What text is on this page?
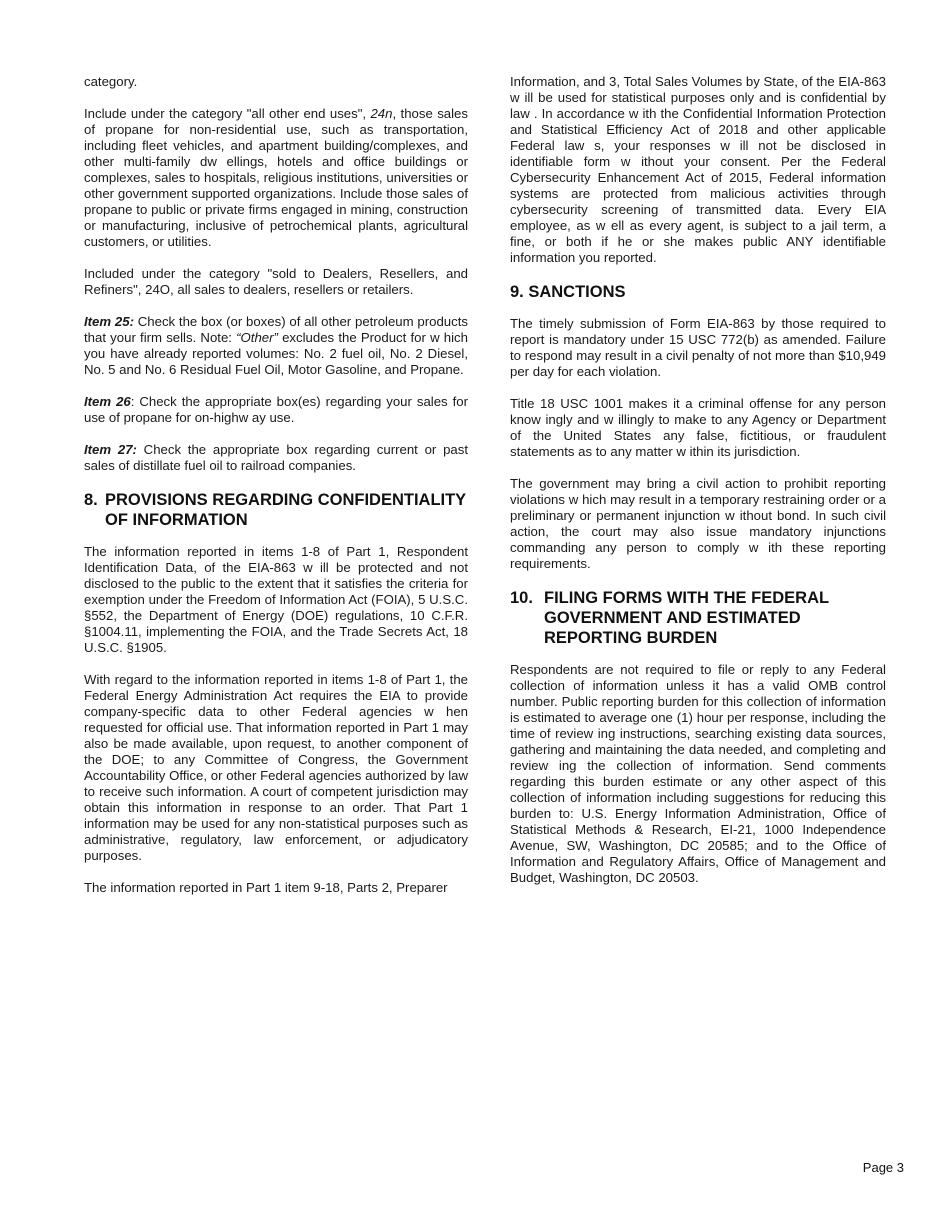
category.

Include under the category "all other end uses", 24n, those sales of propane for non-residential use, such as transportation, including fleet vehicles, and apartment building/complexes, and other multi-family dw ellings, hotels and office buildings or complexes, sales to hospitals, religious institutions, universities or other government supported organizations. Include those sales of propane to public or private firms engaged in mining, construction or manufacturing, inclusive of petrochemical plants, agricultural customers, or utilities.

Included under the category "sold to Dealers, Resellers, and Refiners", 24O, all sales to dealers, resellers or retailers.

Item 25: Check the box (or boxes) of all other petroleum products that your firm sells. Note: “Other” excludes the Product for w hich you have already reported volumes: No. 2 fuel oil, No. 2 Diesel, No. 5 and No. 6 Residual Fuel Oil, Motor Gasoline, and Propane.

Item 26: Check the appropriate box(es) regarding your sales for use of propane for on-highw ay use.

Item 27: Check the appropriate box regarding current or past sales of distillate fuel oil to railroad companies.

8. PROVISIONS REGARDING CONFIDENTIALITY OF INFORMATION

The information reported in items 1-8 of Part 1, Respondent Identification Data, of the EIA-863 w ill be protected and not disclosed to the public to the extent that it satisfies the criteria for exemption under the Freedom of Information Act (FOIA), 5 U.S.C. §552, the Department of Energy (DOE) regulations, 10 C.F.R. §1004.11, implementing the FOIA, and the Trade Secrets Act, 18 U.S.C. §1905.

With regard to the information reported in items 1-8 of Part 1, the Federal Energy Administration Act requires the EIA to provide company-specific data to other Federal agencies w hen requested for official use. That information reported in Part 1 may also be made available, upon request, to another component of the DOE; to any Committee of Congress, the Government Accountability Office, or other Federal agencies authorized by law to receive such information. A court of competent jurisdiction may obtain this information in response to an order. That Part 1 information may be used for any non-statistical purposes such as administrative, regulatory, law enforcement, or adjudicatory purposes.

The information reported in Part 1 item 9-18, Parts 2, Preparer

Information, and 3, Total Sales Volumes by State, of the EIA-863 w ill be used for statistical purposes only and is confidential by law . In accordance w ith the Confidential Information Protection and Statistical Efficiency Act of 2018 and other applicable Federal law s, your responses w ill not be disclosed in identifiable form w ithout your consent. Per the Federal Cybersecurity Enhancement Act of 2015, Federal information systems are protected from malicious activities through cybersecurity screening of transmitted data. Every EIA employee, as w ell as every agent, is subject to a jail term, a fine, or both if he or she makes public ANY identifiable information you reported.

9. SANCTIONS

The timely submission of Form EIA-863 by those required to report is mandatory under 15 USC 772(b) as amended. Failure to respond may result in a civil penalty of not more than $10,949 per day for each violation.

Title 18 USC 1001 makes it a criminal offense for any person know ingly and w illingly to make to any Agency or Department of the United States any false, fictitious, or fraudulent statements as to any matter w ithin its jurisdiction.

The government may bring a civil action to prohibit reporting violations w hich may result in a temporary restraining order or a preliminary or permanent injunction w ithout bond. In such civil action, the court may also issue mandatory injunctions commanding any person to comply w ith these reporting requirements.

10. FILING FORMS WITH THE FEDERAL GOVERNMENT AND ESTIMATED REPORTING BURDEN

Respondents are not required to file or reply to any Federal collection of information unless it has a valid OMB control number. Public reporting burden for this collection of information is estimated to average one (1) hour per response, including the time of review ing instructions, searching existing data sources, gathering and maintaining the data needed, and completing and review ing the collection of information. Send comments regarding this burden estimate or any other aspect of this collection of information including suggestions for reducing this burden to: U.S. Energy Information Administration, Office of Statistical Methods & Research, EI-21, 1000 Independence Avenue, SW, Washington, DC 20585; and to the Office of Information and Regulatory Affairs, Office of Management and Budget, Washington, DC 20503.

Page 3
